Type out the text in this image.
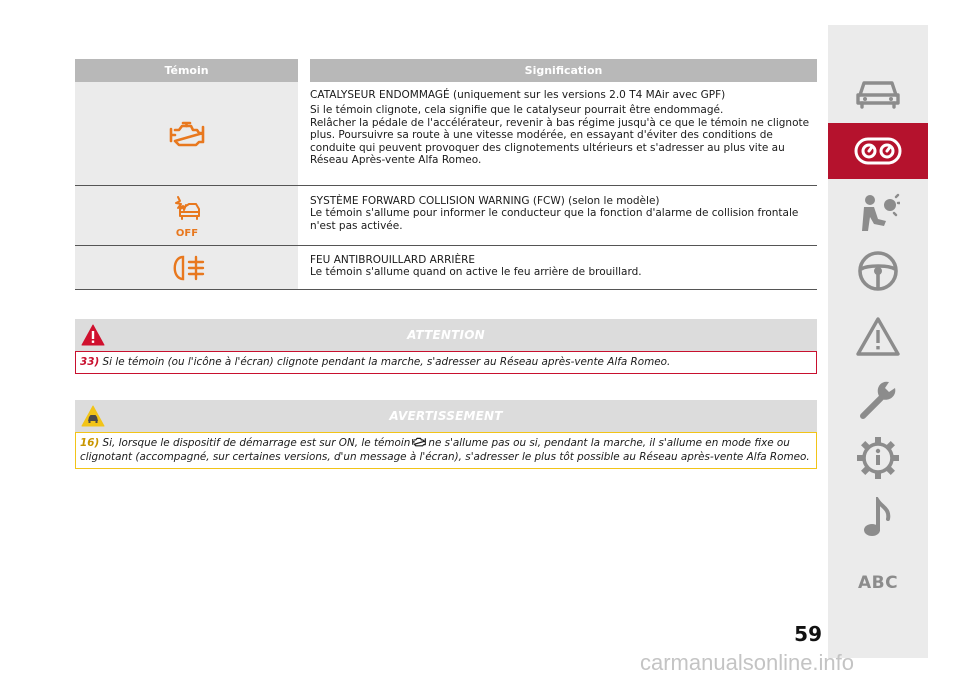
Témoin	Signification

CATALYSEUR ENDOMMAGÉ (uniquement sur les versions 2.0 T4 MAir avec GPF)

Si le témoin clignote, cela signifie que le catalyseur pourrait être endommagé.

Relâcher la pédale de l'accélérateur, revenir à bas régime jusqu'à ce que le témoin ne clignote plus. Poursuivre sa route à une vitesse modérée, en essayant d'éviter des conditions de conduite qui peuvent provoquer des clignotements ultérieurs et s'adresser au plus vite au Réseau Après-vente Alfa Romeo.

OFF

SYSTÈME FORWARD COLLISION WARNING (FCW) (selon le modèle)

Le témoin s'allume pour informer le conducteur que la fonction d'alarme de collision frontale n'est pas activée.

FEU ANTIBROUILLARD ARRIÈRE

Le témoin s'allume quand on active le feu arrière de brouillard.

ATTENTION
33) Si le témoin (ou l'icône à l'écran) clignote pendant la marche, s'adresser au Réseau après-vente Alfa Romeo.
AVERTISSEMENT
16) Si, lorsque le dispositif de démarrage est sur ON, le témoin ne s'allume pas ou si, pendant la marche, il s'allume en mode fixe ou clignotant (accompagné, sur certaines versions, d'un message à l'écran), s'adresser le plus tôt possible au Réseau après-vente Alfa Romeo.
ABC
59
carmanualsonline.info
